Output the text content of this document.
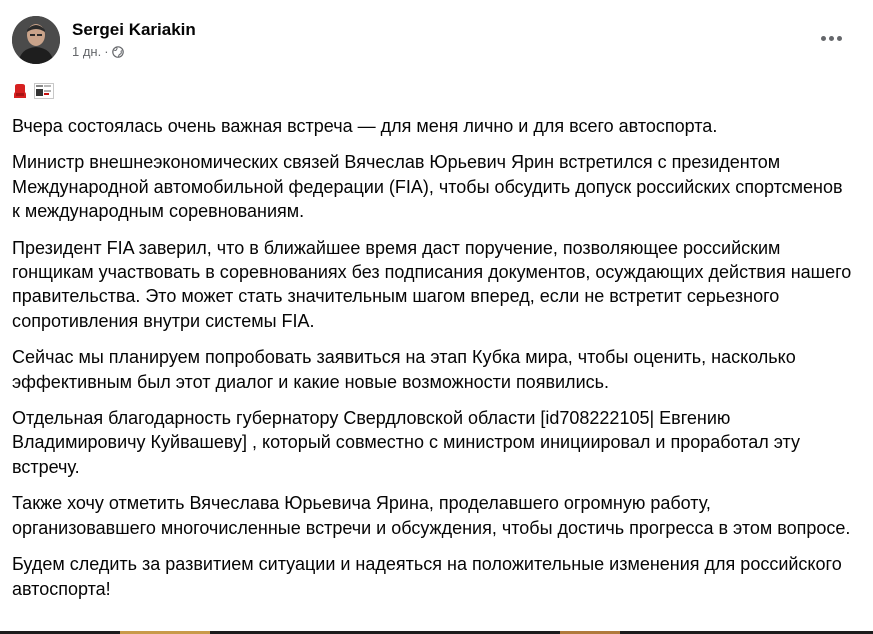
Sergei Kariakin
1 дн. ·

Вчера состоялась очень важная встреча — для меня лично и для всего автоспорта.

Министр внешнеэкономических связей Вячеслав Юрьевич Ярин встретился с президентом Международной автомобильной федерации (FIA), чтобы обсудить допуск российских спортсменов к международным соревнованиям.

Президент FIA заверил, что в ближайшее время даст поручение, позволяющее российским гонщикам участвовать в соревнованиях без подписания документов, осуждающих действия нашего правительства. Это может стать значительным шагом вперед, если не встретит серьезного сопротивления внутри системы FIA.

Сейчас мы планируем попробовать заявиться на этап Кубка мира, чтобы оценить, насколько эффективным был этот диалог и какие новые возможности появились.

Отдельная благодарность губернатору Свердловской области [id708222105| Евгению Владимировичу Куйвашеву] , который совместно с министром инициировал и проработал эту встречу.

Также хочу отметить Вячеслава Юрьевича Ярина, проделавшего огромную работу, организовавшего многочисленные встречи и обсуждения, чтобы достичь прогресса в этом вопросе.

Будем следить за развитием ситуации и надеяться на положительные изменения для российского автоспорта!
